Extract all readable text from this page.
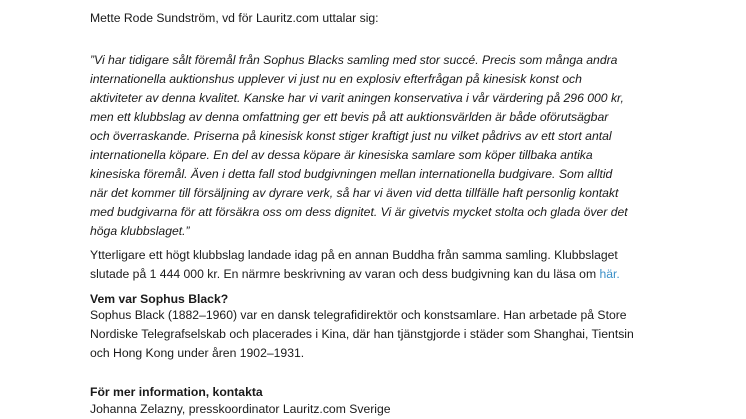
Mette Rode Sundström, vd för Lauritz.com uttalar sig:
”Vi har tidigare sålt föremål från Sophus Blacks samling med stor succé. Precis som många andra
internationella auktionshus upplever vi just nu en explosiv efterfrågan på kinesisk konst och
aktiviteter av denna kvalitet. Kanske har vi varit aningen konservativa i vår värdering på 296 000 kr,
men ett klubbslag av denna omfattning ger ett bevis på att auktionsvärlden är både oförutsägbar
och överraskande. Priserna på kinesisk konst stiger kraftigt just nu vilket pådrivs av ett stort antal
internationella köpare. En del av dessa köpare är kinesiska samlare som köper tillbaka antika
kinesiska föremål. Även i detta fall stod budgivningen mellan internationella budgivare. Som alltid
när det kommer till försäljning av dyrare verk, så har vi även vid detta tillfälle haft personlig kontakt
med budgivarna för att försäkra oss om dess dignitet. Vi är givetvis mycket stolta och glada över det
höga klubbslaget.”
Ytterligare ett högt klubbslag landade idag på en annan Buddha från samma samling. Klubbslaget
slutade på 1 444 000 kr. En närmre beskrivning av varan och dess budgivning kan du läsa om här.
Vem var Sophus Black?
Sophus Black (1882–1960) var en dansk telegrafidirektör och konstsamlare. Han arbetade på Store
Nordiske Telegrafselskab och placerades i Kina, där han tjänstgjorde i städer som Shanghai, Tientsin
och Hong Kong under åren 1902–1931.
För mer information, kontakta
Johanna Zelazny, presskoordinator Lauritz.com Sverige
